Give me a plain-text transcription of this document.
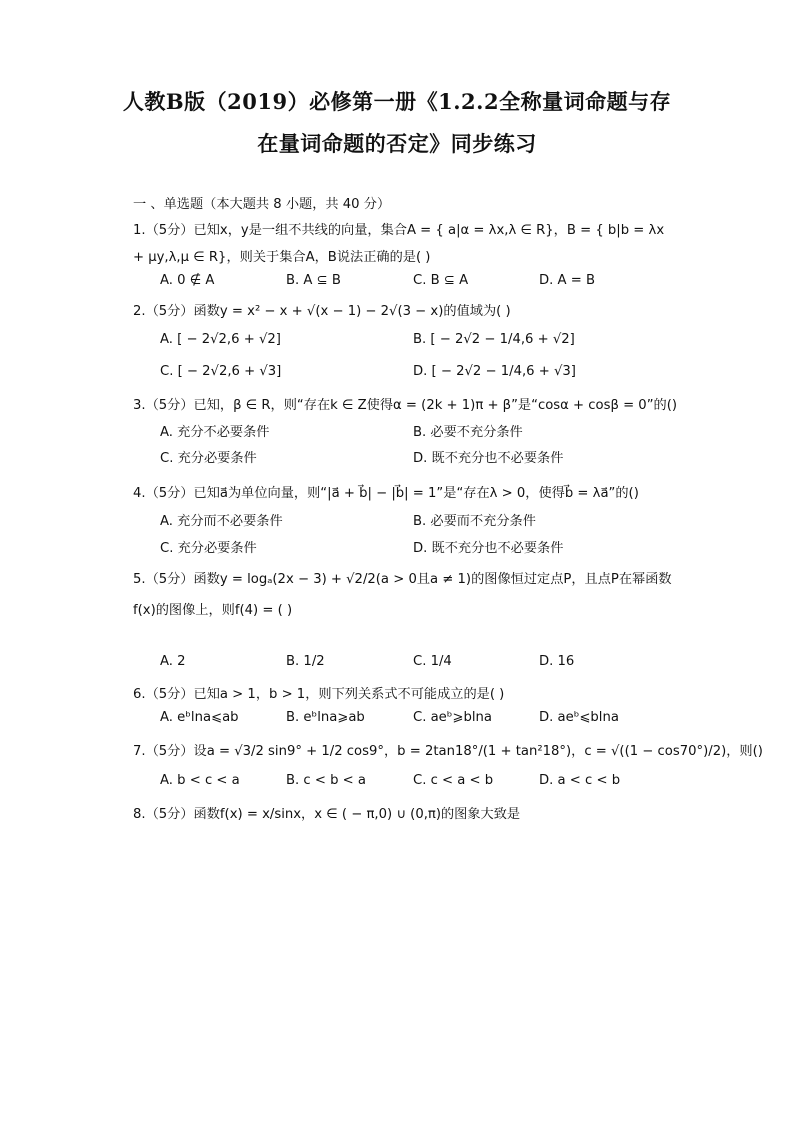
人教B版（2019）必修第一册《1.2.2全称量词命题与存
在量词命题的否定》同步练习
一 、单选题（本大题共 8 小题，共 40 分）
1.（5分）已知x，y是一组不共线的向量，集合A = { a|α = λx,λ ∈ R}，B = { b|b = λx
+ μy,λ,μ ∈ R}，则关于集合A，B说法正确的是( )
A. 0 ∉ A	B. A ⊆ B	C. B ⊆ A	D. A = B
2.（5分）函数y = x² − x + √(x − 1) − 2√(3 − x)的值域为( )
A. [ − 2√2,6 + √2]	B. [ − 2√2 − 1/4,6 + √2]
C. [ − 2√2,6 + √3]	D. [ − 2√2 − 1/4,6 + √3]
3.（5分）已知，β ∈ R，则“存在k ∈ Z使得α = (2k + 1)π + β”是“cosα + cosβ = 0”的()
A. 充分不必要条件	B. 必要不充分条件
C. 充分必要条件	D. 既不充分也不必要条件
4.（5分）已知a⃗为单位向量，则“|a⃗ + b⃗| − |b⃗| = 1”是“存在λ > 0，使得b⃗ = λa⃗”的()
A. 充分而不必要条件	B. 必要而不充分条件
C. 充分必要条件	D. 既不充分也不必要条件
5.（5分）函数y = logₐ(2x − 3) + √2/2(a > 0且a ≠ 1)的图像恒过定点P，且点P在幂函数
f(x)的图像上，则f(4) = ( )
A. 2	B. 1/2	C. 1/4	D. 16
6.（5分）已知a > 1，b > 1，则下列关系式不可能成立的是( )
A. eᵇlna⩽ab	B. eᵇlna⩾ab	C. aeᵇ⩾blna	D. aeᵇ⩽blna
7.（5分）设a = √3/2 sin9° + 1/2 cos9°，b = 2tan18°/(1 + tan²18°)，c = √((1 − cos70°)/2)，则()
A. b < c < a	B. c < b < a	C. c < a < b	D. a < c < b
8.（5分）函数f(x) = x/sinx，x ∈ ( − π,0) ∪ (0,π)的图象大致是
